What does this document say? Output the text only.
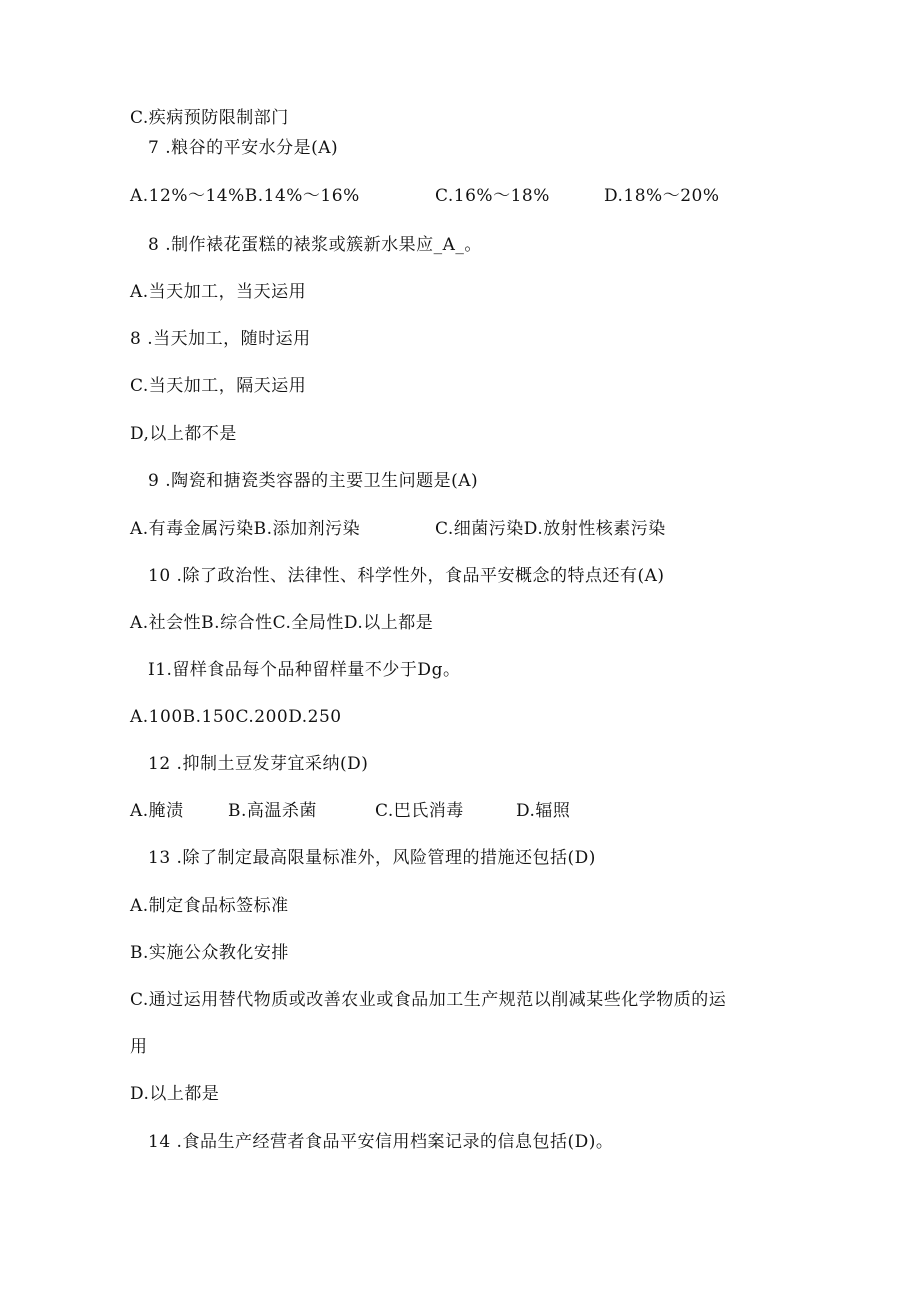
C.疾病预防限制部门
7 .粮谷的平安水分是(A)
A.12%～14%B.14%～16%	C.16%～18%	D.18%～20%
8 .制作裱花蛋糕的裱浆或簇新水果应_A_。
A.当天加工，当天运用
8 .当天加工，随时运用
C.当天加工，隔天运用
D,以上都不是
9 .陶瓷和搪瓷类容器的主要卫生问题是(A)
A.有毒金属污染B.添加剂污染	C.细菌污染D.放射性核素污染
10 .除了政治性、法律性、科学性外，食品平安概念的特点还有(A)
A.社会性B.综合性C.全局性D.以上都是
I1.留样食品每个品种留样量不少于Dg。
A.100B.150C.200D.250
12 .抑制土豆发芽宜采纳(D)
A.腌渍	B.高温杀菌	C.巴氏消毒	D.辐照
13 .除了制定最高限量标准外，风险管理的措施还包括(D)
A.制定食品标签标准
B.实施公众教化安排
C.通过运用替代物质或改善农业或食品加工生产规范以削减某些化学物质的运
用
D.以上都是
14 .食品生产经营者食品平安信用档案记录的信息包括(D)。
